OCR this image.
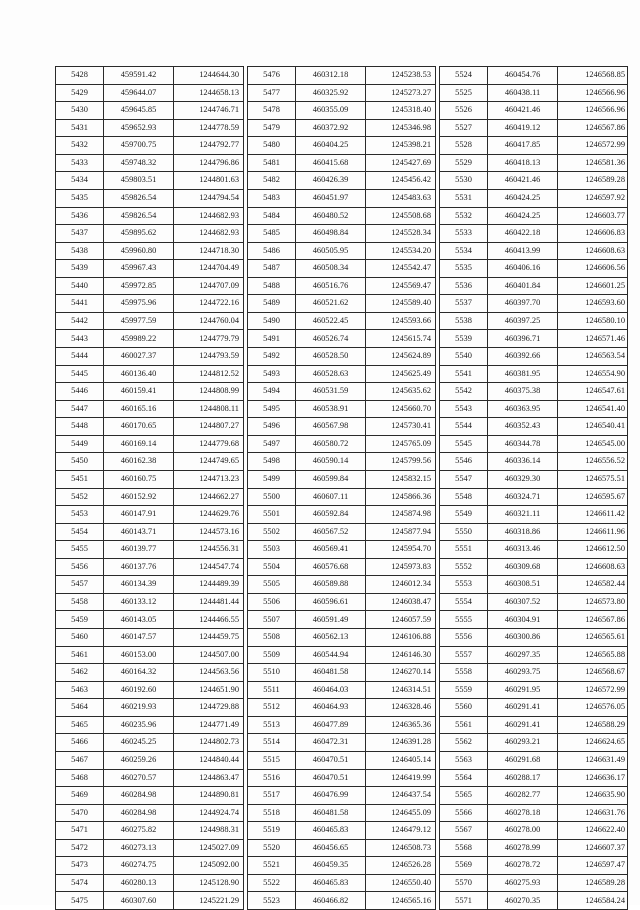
5428	459591.42	1244644.30
5429	459644.07	1244658.13
5430	459645.85	1244746.71
5431	459652.93	1244778.59
5432	459700.75	1244792.77
5433	459748.32	1244796.86
5434	459803.51	1244801.63
5435	459826.54	1244794.54
5436	459826.54	1244682.93
5437	459895.62	1244682.93
5438	459960.80	1244718.30
5439	459967.43	1244704.49
5440	459972.85	1244707.09
5441	459975.96	1244722.16
5442	459977.59	1244760.04
5443	459989.22	1244779.79
5444	460027.37	1244793.59
5445	460136.40	1244812.52
5446	460159.41	1244808.99
5447	460165.16	1244808.11
5448	460170.65	1244807.27
5449	460169.14	1244779.68
5450	460162.38	1244749.65
5451	460160.75	1244713.23
5452	460152.92	1244662.27
5453	460147.91	1244629.76
5454	460143.71	1244573.16
5455	460139.77	1244556.31
5456	460137.76	1244547.74
5457	460134.39	1244489.39
5458	460133.12	1244481.44
5459	460143.05	1244466.55
5460	460147.57	1244459.75
5461	460153.00	1244507.00
5462	460164.32	1244563.56
5463	460192.60	1244651.90
5464	460219.93	1244729.88
5465	460235.96	1244771.49
5466	460245.25	1244802.73
5467	460259.26	1244840.44
5468	460270.57	1244863.47
5469	460284.98	1244890.81
5470	460284.98	1244924.74
5471	460275.82	1244988.31
5472	460273.13	1245027.09
5473	460274.75	1245092.00
5474	460280.13	1245128.90
5475	460307.60	1245221.29
5476	460312.18	1245238.53
5477	460325.92	1245273.27
5478	460355.09	1245318.40
5479	460372.92	1245346.98
5480	460404.25	1245398.21
5481	460415.68	1245427.69
5482	460426.39	1245456.42
5483	460451.97	1245483.63
5484	460480.52	1245508.68
5485	460498.84	1245528.34
5486	460505.95	1245534.20
5487	460508.34	1245542.47
5488	460516.76	1245569.47
5489	460521.62	1245589.40
5490	460522.45	1245593.66
5491	460526.74	1245615.74
5492	460528.50	1245624.89
5493	460528.63	1245625.49
5494	460531.59	1245635.62
5495	460538.91	1245660.70
5496	460567.98	1245730.41
5497	460580.72	1245765.09
5498	460590.14	1245799.56
5499	460599.84	1245832.15
5500	460607.11	1245866.36
5501	460592.84	1245874.98
5502	460567.52	1245877.94
5503	460569.41	1245954.70
5504	460576.68	1245973.83
5505	460589.88	1246012.34
5506	460596.61	1246038.47
5507	460591.49	1246057.59
5508	460562.13	1246106.88
5509	460544.94	1246146.30
5510	460481.58	1246270.14
5511	460464.03	1246314.51
5512	460464.93	1246328.46
5513	460477.89	1246365.36
5514	460472.31	1246391.28
5515	460470.51	1246405.14
5516	460470.51	1246419.99
5517	460476.99	1246437.54
5518	460481.58	1246455.09
5519	460465.83	1246479.12
5520	460456.65	1246508.73
5521	460459.35	1246526.28
5522	460465.83	1246550.40
5523	460466.82	1246565.16
5524	460454.76	1246568.85
5525	460438.11	1246566.96
5526	460421.46	1246566.96
5527	460419.12	1246567.86
5528	460417.85	1246572.99
5529	460418.13	1246581.36
5530	460421.46	1246589.28
5531	460424.25	1246597.92
5532	460424.25	1246603.77
5533	460422.18	1246606.83
5534	460413.99	1246608.63
5535	460406.16	1246606.56
5536	460401.84	1246601.25
5537	460397.70	1246593.60
5538	460397.25	1246580.10
5539	460396.71	1246571.46
5540	460392.66	1246563.54
5541	460381.95	1246554.90
5542	460375.38	1246547.61
5543	460363.95	1246541.40
5544	460352.43	1246540.41
5545	460344.78	1246545.00
5546	460336.14	1246556.52
5547	460329.30	1246575.51
5548	460324.71	1246595.67
5549	460321.11	1246611.42
5550	460318.86	1246611.96
5551	460313.46	1246612.50
5552	460309.68	1246608.63
5553	460308.51	1246582.44
5554	460307.52	1246573.80
5555	460304.91	1246567.86
5556	460300.86	1246565.61
5557	460297.35	1246565.88
5558	460293.75	1246568.67
5559	460291.95	1246572.99
5560	460291.41	1246576.05
5561	460291.41	1246588.29
5562	460293.21	1246624.65
5563	460291.68	1246631.49
5564	460288.17	1246636.17
5565	460282.77	1246635.90
5566	460278.18	1246631.76
5567	460278.00	1246622.40
5568	460278.99	1246607.37
5569	460278.72	1246597.47
5570	460275.93	1246589.28
5571	460270.35	1246584.24
